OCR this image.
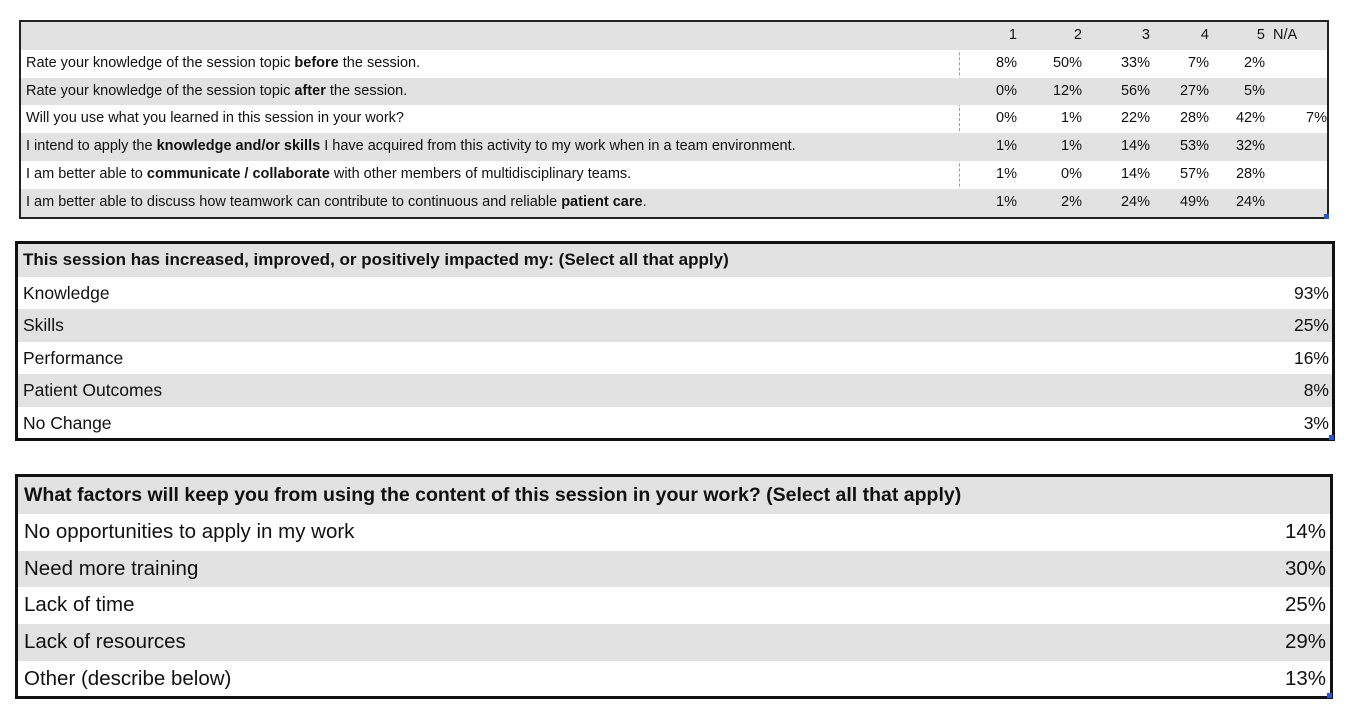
1	2	3	4	5 N/A
Rate your knowledge of the session topic before the session.	8%	50%	33%	7%	2%
Rate your knowledge of the session topic after the session.	0%	12%	56%	27%	5%
Will you use what you learned in this session in your work?	0%	1%	22%	28%	42%	7%
I intend to apply the knowledge and/or skills I have acquired from this activity to my work when in a team environment.	1%	1%	14%	53%	32%
I am better able to communicate / collaborate with other members of multidisciplinary teams.	1%	0%	14%	57%	28%
I am better able to discuss how teamwork can contribute to continuous and reliable patient care.	1%	2%	24%	49%	24%
This session has increased, improved, or positively impacted my: (Select all that apply)
Knowledge	93%
Skills	25%
Performance	16%
Patient Outcomes	8%
No Change	3%
What factors will keep you from using the content of this session in your work? (Select all that apply)
No opportunities to apply in my work	14%
Need more training	30%
Lack of time	25%
Lack of resources	29%
Other (describe below)	13%
